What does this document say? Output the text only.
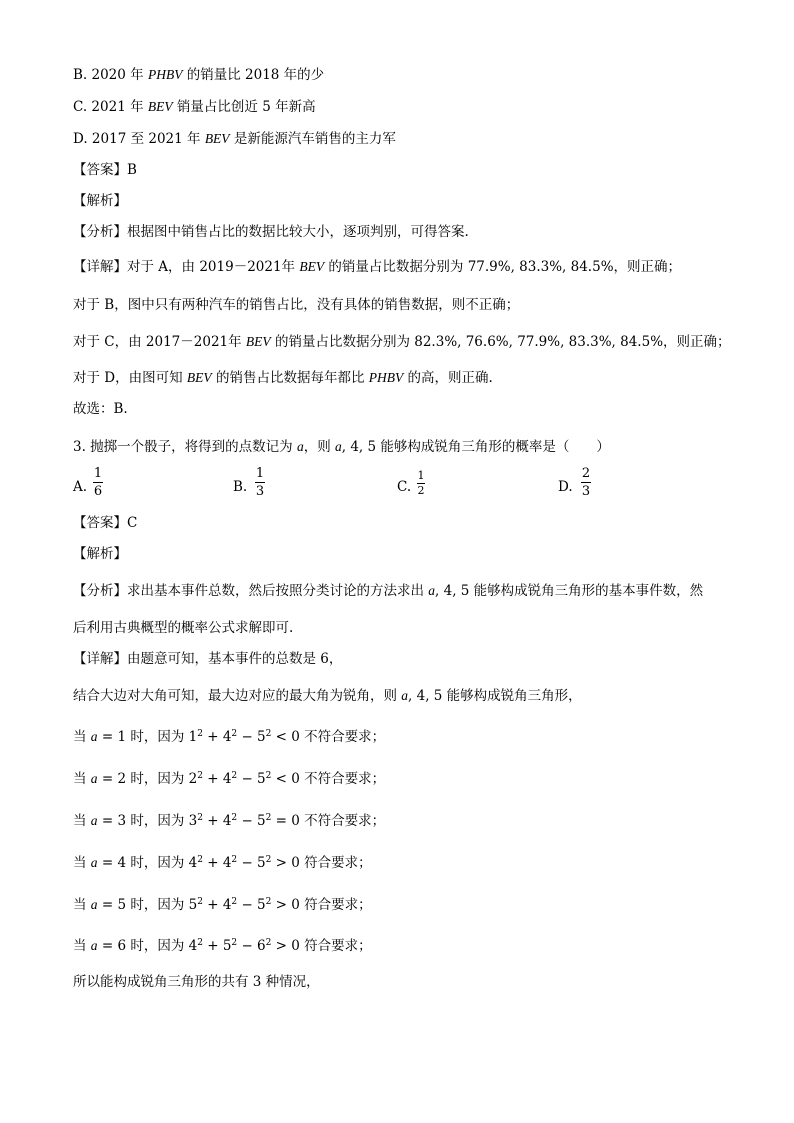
B. 2020 年 PHBV 的销量比 2018 年的少
C. 2021 年 BEV 销量占比创近 5 年新高
D. 2017 至 2021 年 BEV 是新能源汽车销售的主力军
【答案】B
【解析】
【分析】根据图中销售占比的数据比较大小，逐项判别，可得答案.
【详解】对于 A，由 2019－2021年 BEV 的销量占比数据分别为 77.9%, 83.3%, 84.5%，则正确；
对于 B，图中只有两种汽车的销售占比，没有具体的销售数据，则不正确；
对于 C，由 2017－2021年 BEV 的销量占比数据分别为 82.3%, 76.6%, 77.9%, 83.3%, 84.5%，则正确；
对于 D，由图可知 BEV 的销售占比数据每年都比 PHBV 的高，则正确.
故选：B.
3. 抛掷一个骰子，将得到的点数记为 a，则 a, 4, 5 能够构成锐角三角形的概率是（　　）
A.
1
6	B.
1
3	C.
1
2	D.
2
3
【答案】C
【解析】
【分析】求出基本事件总数，然后按照分类讨论的方法求出 a, 4, 5 能够构成锐角三角形的基本事件数，然
后利用古典概型的概率公式求解即可.
【详解】由题意可知，基本事件的总数是 6，
结合大边对大角可知，最大边对应的最大角为锐角，则 a, 4, 5 能够构成锐角三角形，
当 a = 1 时，因为 $1^2 + 4^2 - 5^2 < 0$ 不符合要求；
当 a = 2 时，因为 $2^2 + 4^2 - 5^2 < 0$ 不符合要求；
当 a = 3 时，因为 $3^2 + 4^2 - 5^2 = 0$ 不符合要求；
当 a = 4 时，因为 $4^2 + 4^2 - 5^2 > 0$ 符合要求；
当 a = 5 时，因为 $5^2 + 4^2 - 5^2 > 0$ 符合要求；
当 a = 6 时，因为 $4^2 + 5^2 - 6^2 > 0$ 符合要求；
所以能构成锐角三角形的共有 3 种情况，
